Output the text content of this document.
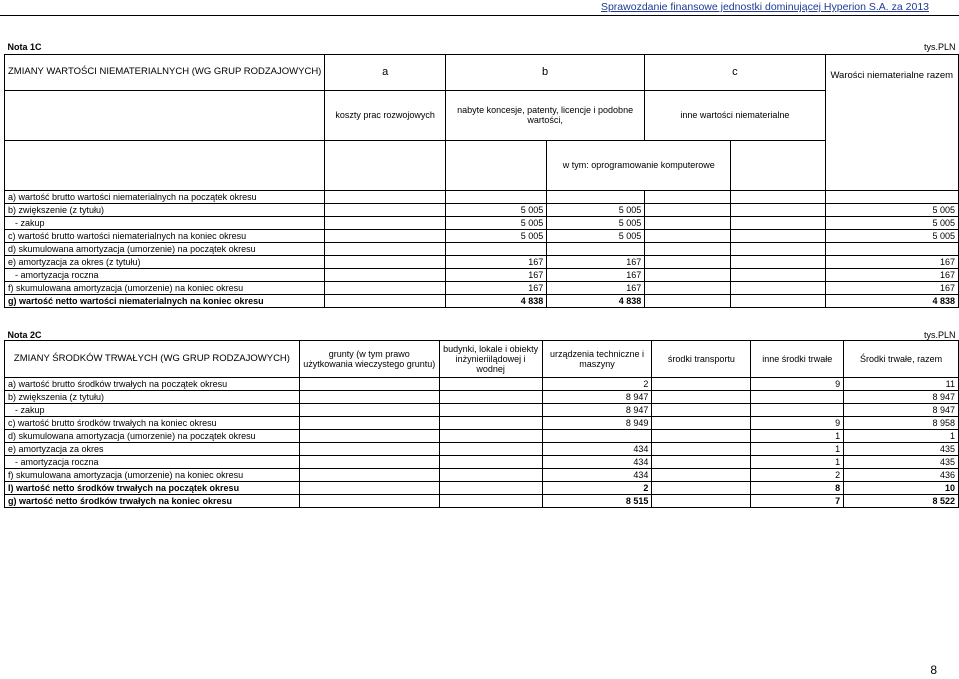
Sprawozdanie finansowe jednostki dominującej Hyperion S.A. za 2013
Nota 1C						tys.PLN
ZMIANY WARTOŚCI NIEMATERIALNYCH (WG GRUP RODZAJOWYCH)	a	b		c		Warości niematerialne razem
	koszty prac rozwojowych	nabyte koncesje, patenty, licencje i podobne wartości,		inne wartości niematerialne		
			w tym: oprogramowanie komputerowe			
a) wartość brutto wartości niematerialnych na początek okresu						
b) zwiększenie (z tytułu)		5 005	5 005			5 005
- zakup		5 005	5 005			5 005
c) wartość brutto wartości niematerialnych na koniec okresu		5 005	5 005			5 005
d) skumulowana amortyzacja (umorzenie) na początek okresu						
e) amortyzacja za okres (z tytułu)		167	167			167
- amortyzacja roczna		167	167			167
f) skumulowana amortyzacja (umorzenie) na koniec okresu		167	167			167
g) wartość netto wartości niematerialnych na koniec okresu		4 838	4 838			4 838
Nota 2C						tys.PLN
ZMIANY ŚRODKÓW TRWAŁYCH (WG GRUP RODZAJOWYCH)	grunty (w tym prawo użytkowania wieczystego gruntu)	budynki, lokale i obiekty inżynieriilądowej i wodnej	urządzenia techniczne i maszyny	środki transportu	inne środki trwałe	Środki trwałe, razem
a) wartość brutto środków trwałych na początek okresu			2		9	11
b) zwiększenia (z tytułu)			8 947			8 947
- zakup			8 947			8 947
c) wartość brutto środków trwałych na koniec okresu			8 949		9	8 958
d) skumulowana amortyzacja (umorzenie) na początek okresu					1	1
e) amortyzacja za okres			434		1	435
- amortyzacja roczna			434		1	435
f) skumulowana amortyzacja (umorzenie) na koniec okresu			434		2	436
I) wartość netto środków trwałych na początek okresu			2		8	10
g) wartość netto środków trwałych na koniec okresu			8 515		7	8 522
8
